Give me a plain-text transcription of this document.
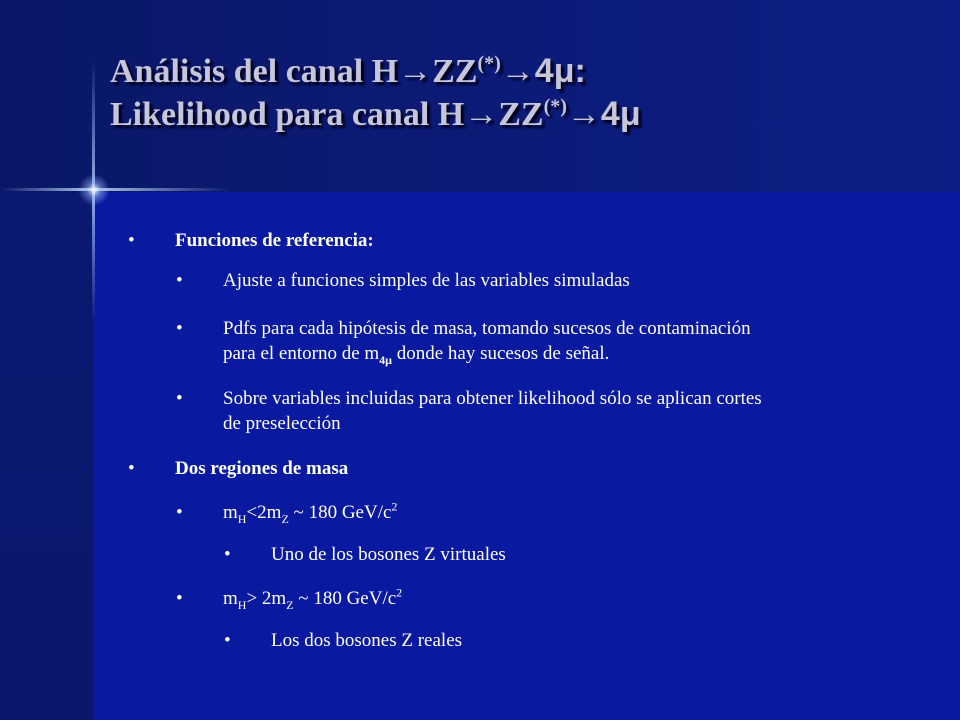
Análisis del canal H→ZZ(*)→4μ:
Likelihood para canal H→ZZ(*)→4μ
• Funciones de referencia:
• Ajuste a funciones simples de las variables simuladas
• Pdfs para cada hipótesis de masa, tomando sucesos de contaminación
para el entorno de $m_{4\mu}$ donde hay sucesos de señal.
• Sobre variables incluidas para obtener likelihood sólo se aplican cortes
de preselección
• Dos regiones de masa
• $m_H<2m_Z$ ~ 180 GeV/$c^2$
• Uno de los bosones Z virtuales
• $m_H> 2m_Z$ ~ 180 GeV/$c^2$
• Los dos bosones Z reales
